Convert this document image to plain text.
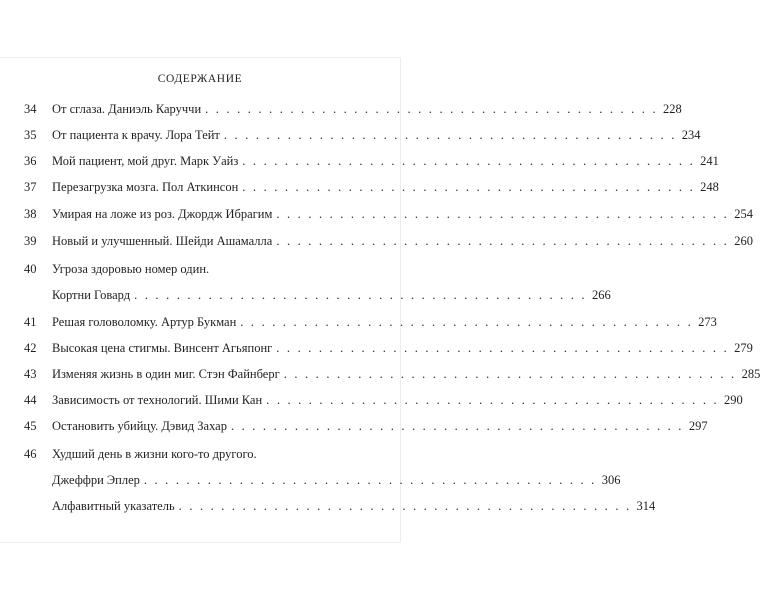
СОДЕРЖАНИЕ
34 От сглаза. Даниэль Каруччи . . . . . . . . . . . . . . . . . . . . . . . . . . . . . . . . . . . . . . . . . . . 228
35 От пациента к врачу. Лора Тейт . . . . . . . . . . . . . . . . . . . . . . . . . . . . . . . . . . . . . . . . . . . 234
36 Мой пациент, мой друг. Марк Уайз . . . . . . . . . . . . . . . . . . . . . . . . . . . . . . . . . . . . . . . . . . . 241
37 Перезагрузка мозга. Пол Аткинсон . . . . . . . . . . . . . . . . . . . . . . . . . . . . . . . . . . . . . . . . . . . 248
38 Умирая на ложе из роз. Джордж Ибрагим . . . . . . . . . . . . . . . . . . . . . . . . . . . . . . . . . . . . . . . . . . . 254
39 Новый и улучшенный. Шейди Ашамалла . . . . . . . . . . . . . . . . . . . . . . . . . . . . . . . . . . . . . . . . . . . 260
40 Угроза здоровью номер один.
Кортни Говард . . . . . . . . . . . . . . . . . . . . . . . . . . . . . . . . . . . . . . . . . . . 266
41 Решая головоломку. Артур Букман . . . . . . . . . . . . . . . . . . . . . . . . . . . . . . . . . . . . . . . . . . . 273
42 Высокая цена стигмы. Винсент Агьяпонг . . . . . . . . . . . . . . . . . . . . . . . . . . . . . . . . . . . . . . . . . . . 279
43 Изменяя жизнь в один миг. Стэн Файнберг . . . . . . . . . . . . . . . . . . . . . . . . . . . . . . . . . . . . . . . . . . . 285
44 Зависимость от технологий. Шими Кан . . . . . . . . . . . . . . . . . . . . . . . . . . . . . . . . . . . . . . . . . . . 290
45 Остановить убийцу. Дэвид Захар . . . . . . . . . . . . . . . . . . . . . . . . . . . . . . . . . . . . . . . . . . . 297
46 Худший день в жизни кого-то другого.
Джеффри Эплер . . . . . . . . . . . . . . . . . . . . . . . . . . . . . . . . . . . . . . . . . . . 306
Алфавитный указатель . . . . . . . . . . . . . . . . . . . . . . . . . . . . . . . . . . . . . . . . . . . 314
